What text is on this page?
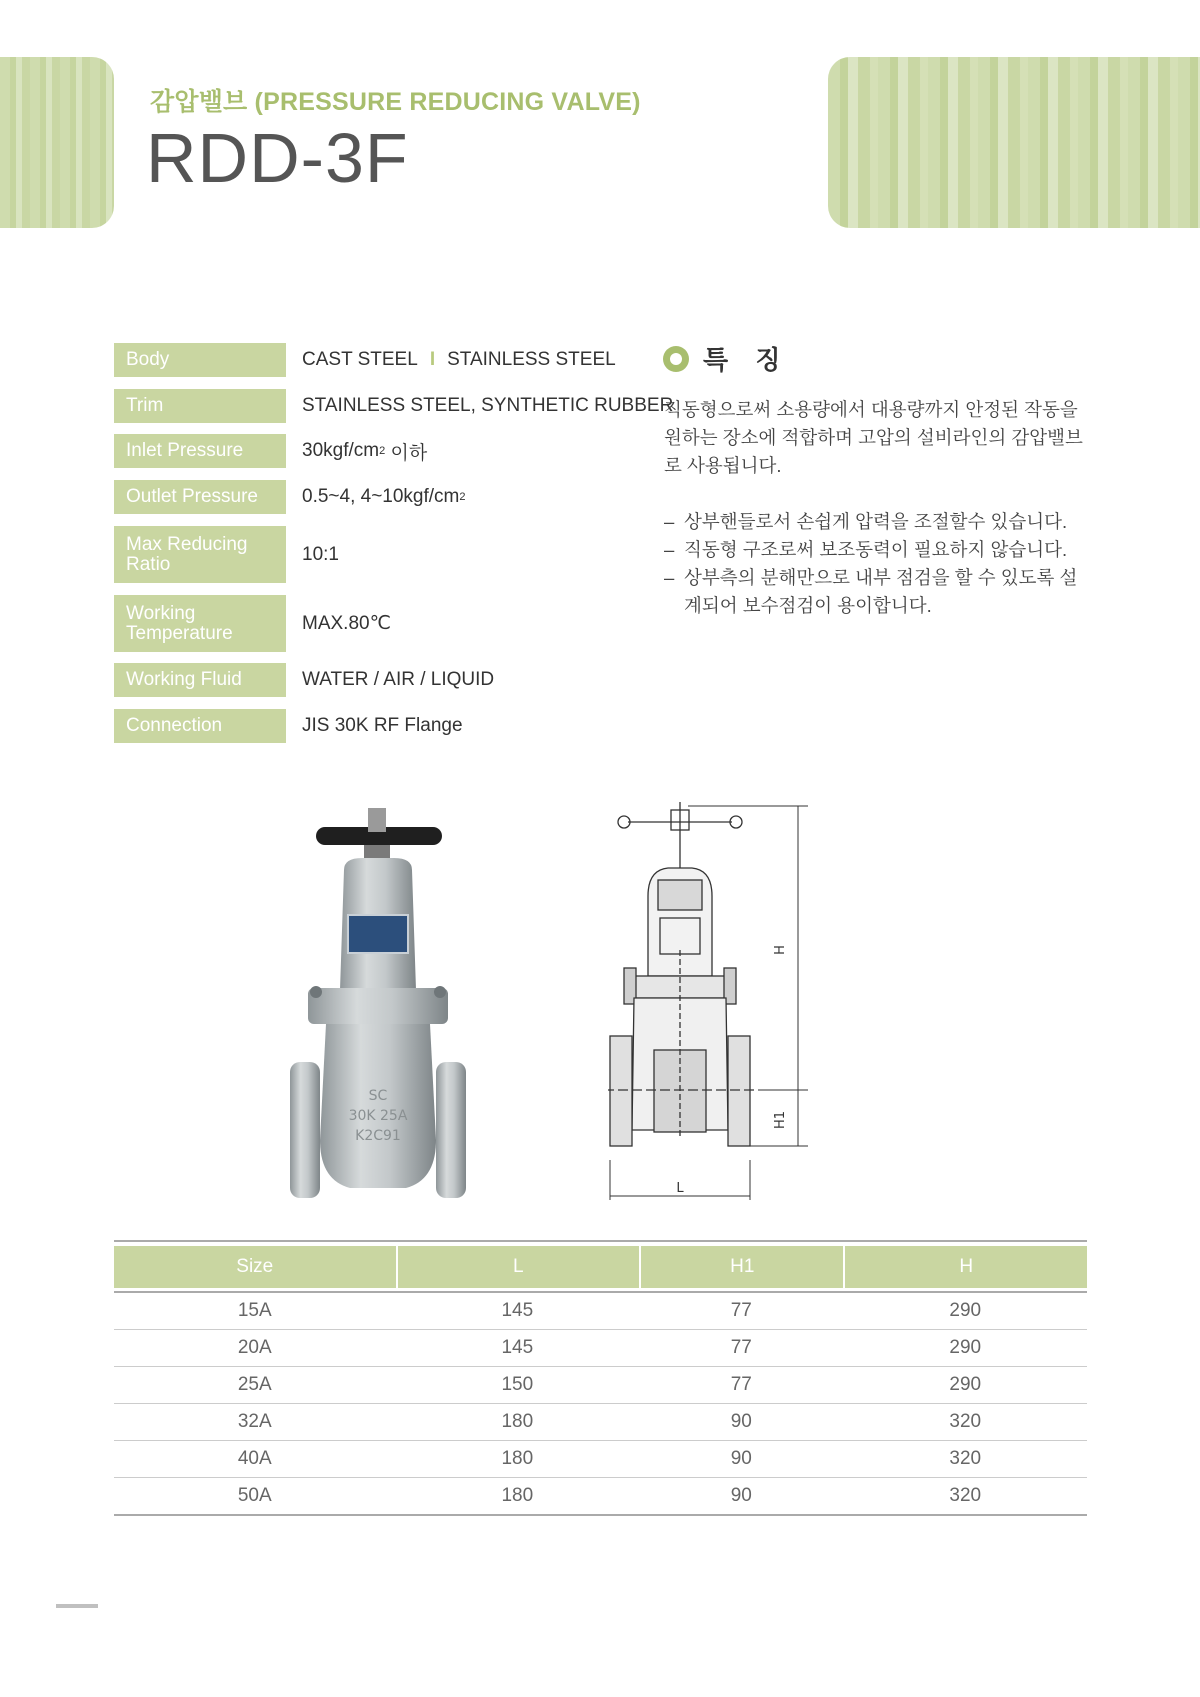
감압밸브 (PRESSURE REDUCING VALVE)
RDD-3F
Body	CAST STEEL I STAINLESS STEEL
Trim	STAINLESS STEEL, SYNTHETIC RUBBER
Inlet Pressure	30kgf/cm 2 이하
Outlet Pressure	0.5~4, 4~10kgf/cm 2
Max Reducing
Ratio	10:1
Working
Temperature	MAX.80℃
Working Fluid	WATER / AIR / LIQUID
Connection	JIS 30K RF Flange
특 징
직동형으로써 소용량에서 대용량까지 안정된 작동을 원하는 장소에 적합하며 고압의 설비라인의 감압밸브로 사용됩니다.
– 상부핸들로서 손쉽게 압력을 조절할수 있습니다.
– 직동형 구조로써 보조동력이 필요하지 않습니다.
– 상부측의 분해만으로 내부 점검을 할 수 있도록 설계되어 보수점검이 용이합니다.
SC
30K 25A
K2C91
H
H1
L
Size	L	H1	H
15A	145	77	290
20A	145	77	290
25A	150	77	290
32A	180	90	320
40A	180	90	320
50A	180	90	320
